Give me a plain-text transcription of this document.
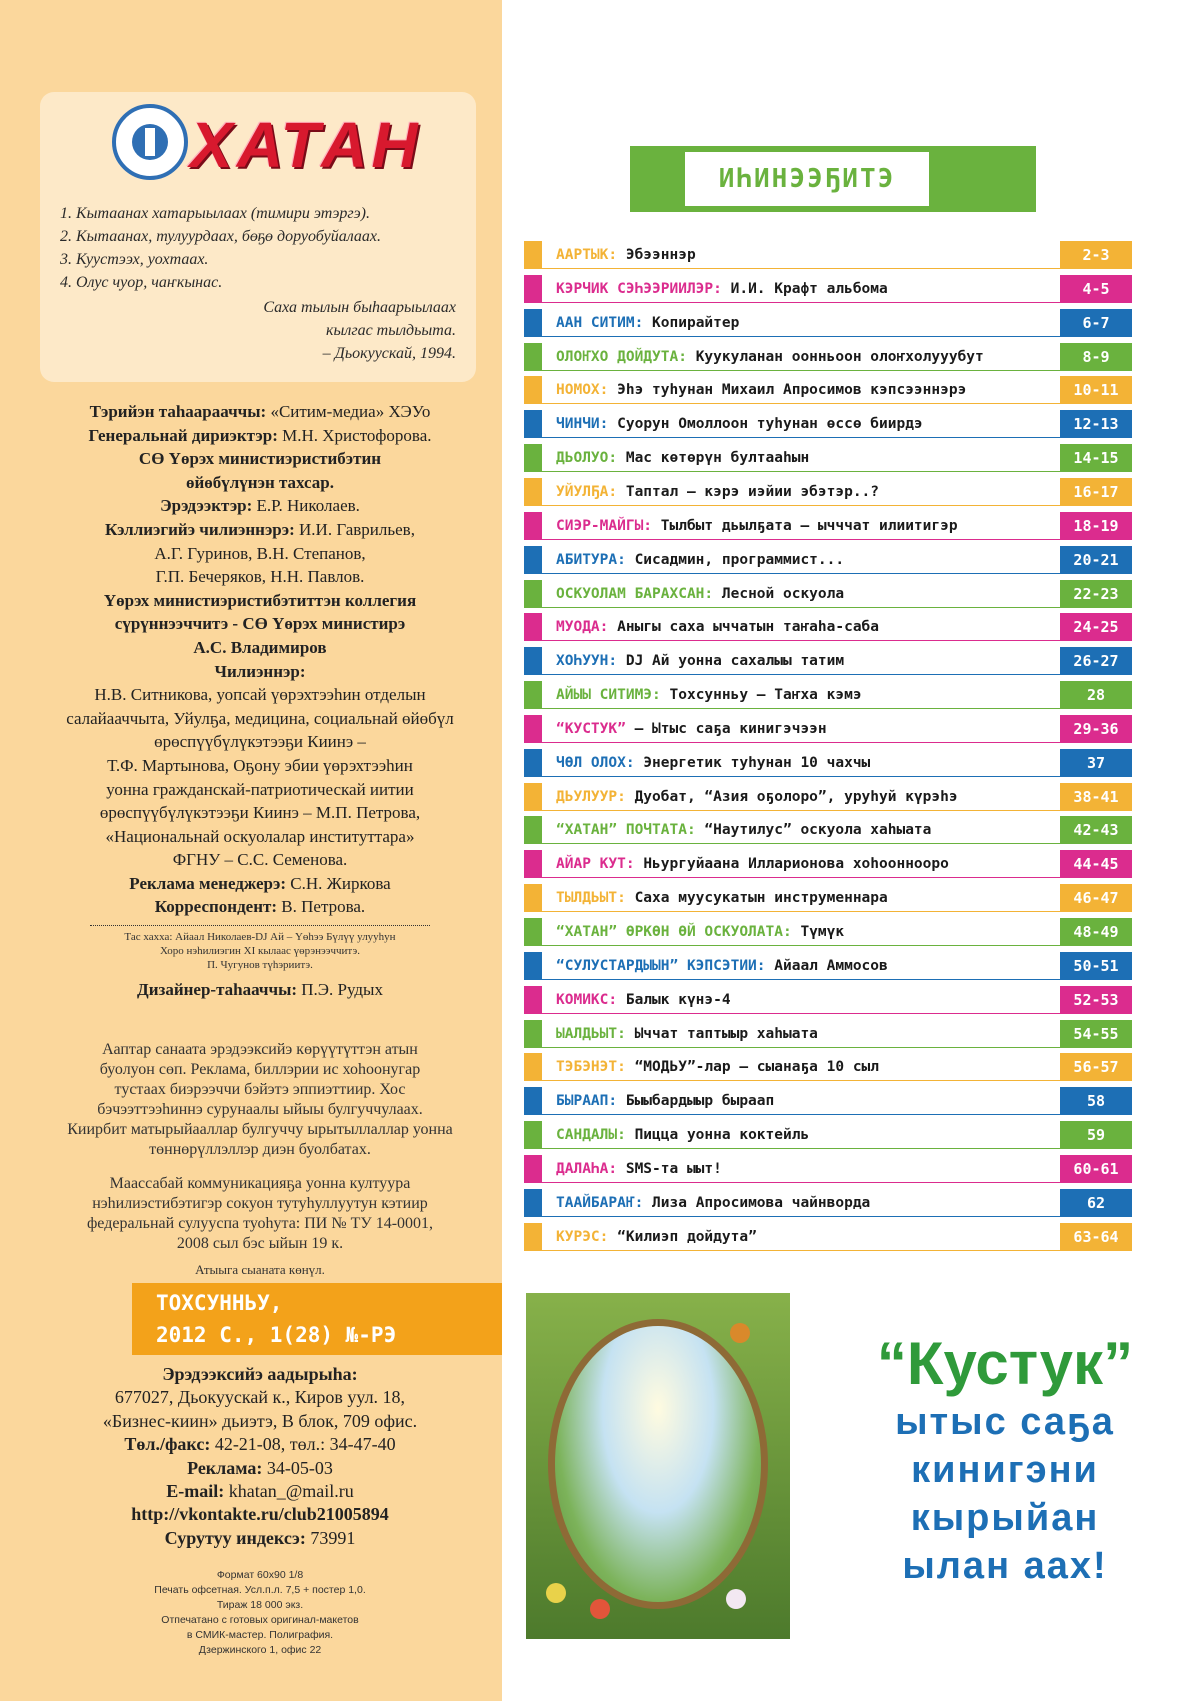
ХАТАН
1. Кытаанах хатарыылаах (тимири этэргэ).
2. Кытаанах, тулуурдаах, бөҕө доруобуйалаах.
3. Куустээх, уохтаах.
4. Олус чуор, чаҥкынас.
Саха тылын быһаарыылаах
кылгас тылдьыта.
– Дьокуускай, 1994.

Тэрийэн таһаарааччы: «Ситим-медиа» ХЭУо

Генеральнай дириэктэр: М.Н. Христофорова.

СӨ Үөрэх министиэристибэтин

өйөбүлүнэн тахсар.

Эрэдээктэр: Е.Р. Николаев.

Кэллиэгийэ чилиэннэрэ: И.И. Гаврильев,

А.Г. Гуринов, В.Н. Степанов,

Г.П. Бечеряков, Н.Н. Павлов.

Үөрэх министиэристибэтиттэн коллегия

сүрүннээччитэ - СӨ Үөрэх министирэ

А.С. Владимиров

Чилиэннэр:

Н.В. Ситникова, уопсай үөрэхтээһин отделын

салайааччыта, Уйулҕа, медицина, социальнай өйөбүл

өрөспүүбүлүкэтээҕи Киинэ –

Т.Ф. Мартынова, Оҕону эбии үөрэхтээһин

уонна гражданскай-патриотическай иитии

өрөспүүбүлүкэтээҕи Киинэ – М.П. Петрова,

«Национальнай оскуолалар институттара»

ФГНУ – С.С. Семенова.

Реклама менеджерэ: С.Н. Жиркова

Корреспондент: В. Петрова.

Тас хахха: Айаал Николаев-DJ Ай – Үөһээ Бүлүү улууһун

Хоро нэһилиэгин XI кылаас үөрэнээччитэ.

П. Чугунов түһэриитэ.

Дизайнер-таһааччы: П.Э. Рудых

Ааптар санаата эрэдээксийэ көрүүтүттэн атын

буолуон сөп. Реклама, биллэрии ис хоһоонугар

тустаах биэрээччи бэйэтэ эппиэттиир. Хос

бэчээттээһиннэ сурунаалы ыйыы булгуччулаах.

Киирбит матырыйааллар булгуччу ырытыллаллар уонна

төннөрүллэллэр диэн буолбатах.

Маассабай коммуникацияҕа уонна култуура

нэһилиэстибэтигэр сокуон тутуһуллуутун кэтиир

федеральнай сулууспа туоһута: ПИ № ТУ 14-0001,

2008 сыл бэс ыйын 19 к.

Атыыга сыаната көнүл.

ТОХСУННЬУ,

2012 С., 1(28) №-РЭ

Эрэдээксийэ аадырыһа:

677027, Дьокуускай к., Киров уул. 18,

«Бизнес-киин» дьиэтэ, В блок, 709 офис.

Төл./факс: 42-21-08, төл.: 34-47-40

Реклама: 34-05-03

E-mail: khatan_@mail.ru

http://vkontakte.ru/club21005894

Сурутуу индексэ: 73991

Формат 60x90 1/8

Печать офсетная. Усл.п.л. 7,5 + постер 1,0.

Тираж 18 000 экз.

Отпечатано с готовых оригинал-макетов

в СМИК-мастер. Полиграфия.

Дзержинского 1, офис 22

ИҺИНЭЭҔИТЭ
ААРТЫК: Эбээннэр	2-3
КЭРЧИК СЭҺЭЭРИИЛЭР: И.И. Крафт альбома	4-5
ААН СИТИМ: Копирайтер	6-7
ОЛОҤХО ДОЙДУТА: Куукуланан оонньоон олоҥхолууубут	8-9
НОМОХ: Эһэ туһунан Михаил Апросимов кэпсээннэрэ	10-11
ЧИНЧИ: Суорун Омоллоон туһунан өссө биирдэ	12-13
ДЬОЛУО: Мас көтөрүн бултааһын	14-15
УЙУЛҔА: Таптал — кэрэ иэйии эбэтэр..?	16-17
СИЭР-МАЙГЫ: Тылбыт дьылҕата — ычччат илиитигэр	18-19
АБИТУРА: Сисадмин, программист...	20-21
ОСКУОЛАМ БАРАХСАН: Лесной оскуола	22-23
МУОДА: Аныгы саха ыччатын таҥаһа-саба	24-25
ХОҺУУН: DJ Ай уонна сахалыы татим	26-27
АЙЫЫ СИТИМЭ: Тохсунньу — Таҥха кэмэ	28
“КУСТУК” — Ытыс саҕа кинигэчээн	29-36
ЧӨЛ ОЛОХ: Энергетик туһунан 10 чахчы	37
ДЬУЛУУР: Дуобат, “Азия оҕолоро”, уруһуй күрэһэ	38-41
“ХАТАН” ПОЧТАТА: “Наутилус” оскуола хаһыата	42-43
АЙАР КУТ: Ньургуйаана Илларионова хоһооннооро	44-45
ТЫЛДЬЫТ: Саха муусукатын инструменнара	46-47
“ХАТАН” ӨРКӨН ӨЙ ОСКУОЛАТА: Түмүк	48-49
“СУЛУСТАРДЫЫН” КЭПСЭТИИ: Айаал Аммосов	50-51
КОМИКС: Балык күнэ-4	52-53
ЫАЛДЬЫТ: Ыччат таптыыр хаһыата	54-55
ТЭБЭНЭТ: “МОДЬУ”-лар — сыанаҕа 10 сыл	56-57
БЫРААП: Быыбардыыр быраап	58
САНДАЛЫ: Пицца уонна коктейль	59
ДАЛАҺА: SMS-та ыыт!	60-61
ТААЙБАРАҤ: Лиза Апросимова чайнворда	62
КУРЭС: “Килиэп дойдута”	63-64
“Кустук”
ытыс саҕа
кинигэни
кырыйан
ылан аах!
